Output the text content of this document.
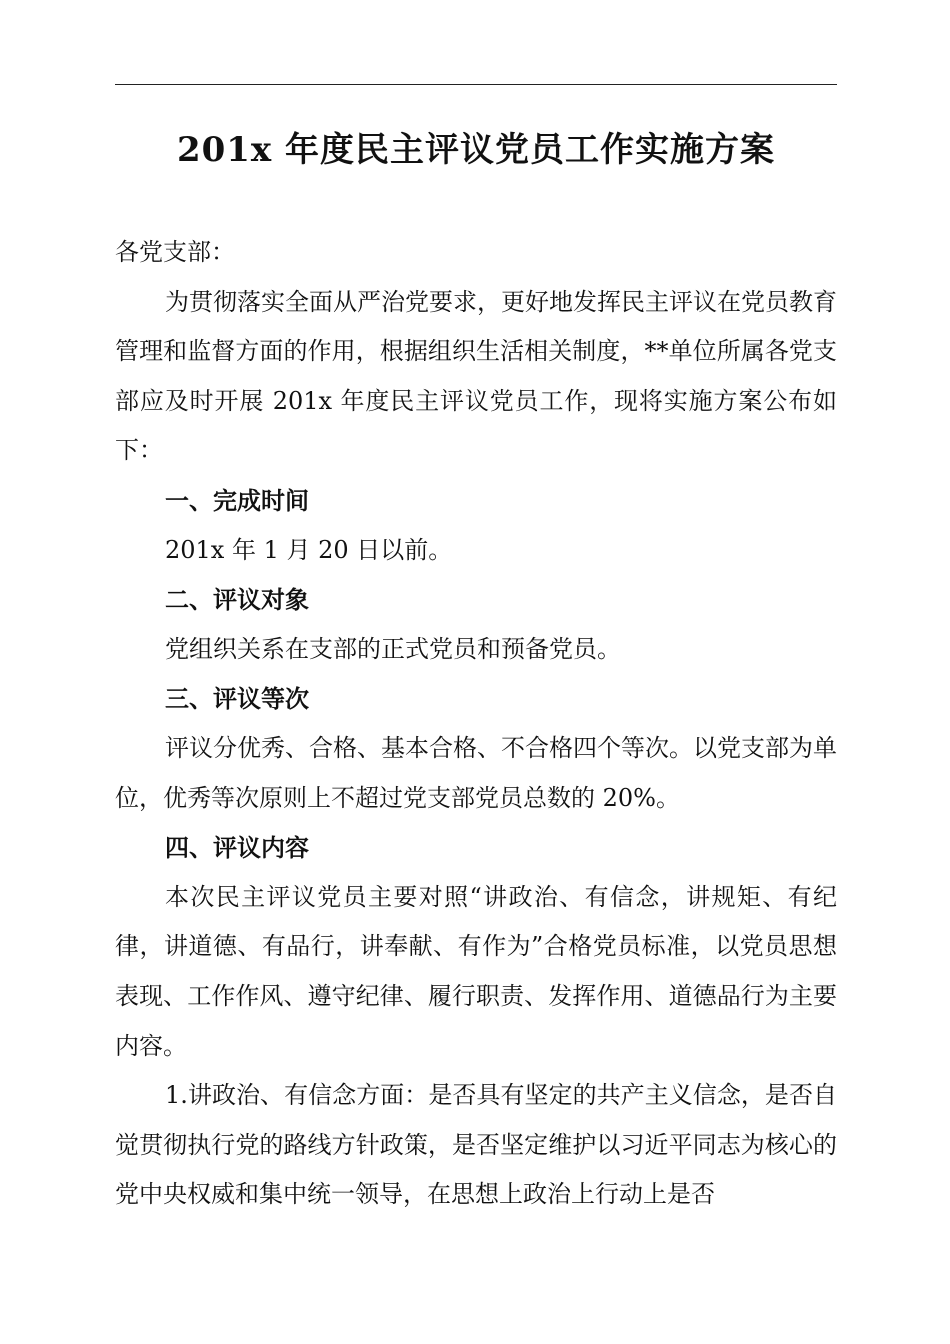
201x 年度民主评议党员工作实施方案

各党支部：

为贯彻落实全面从严治党要求，更好地发挥民主评议在党员教育管理和监督方面的作用，根据组织生活相关制度，**单位所属各党支部应及时开展 201x 年度民主评议党员工作，现将实施方案公布如下：

一、完成时间

201x 年 1 月 20 日以前。

二、评议对象

党组织关系在支部的正式党员和预备党员。

三、评议等次

评议分优秀、合格、基本合格、不合格四个等次。以党支部为单位，优秀等次原则上不超过党支部党员总数的 20%。

四、评议内容

本次民主评议党员主要对照“讲政治、有信念，讲规矩、有纪律，讲道德、有品行，讲奉献、有作为”合格党员标准，以党员思想表现、工作作风、遵守纪律、履行职责、发挥作用、道德品行为主要内容。

1.讲政治、有信念方面：是否具有坚定的共产主义信念，是否自觉贯彻执行党的路线方针政策，是否坚定维护以习近平同志为核心的党中央权威和集中统一领导，在思想上政治上行动上是否
